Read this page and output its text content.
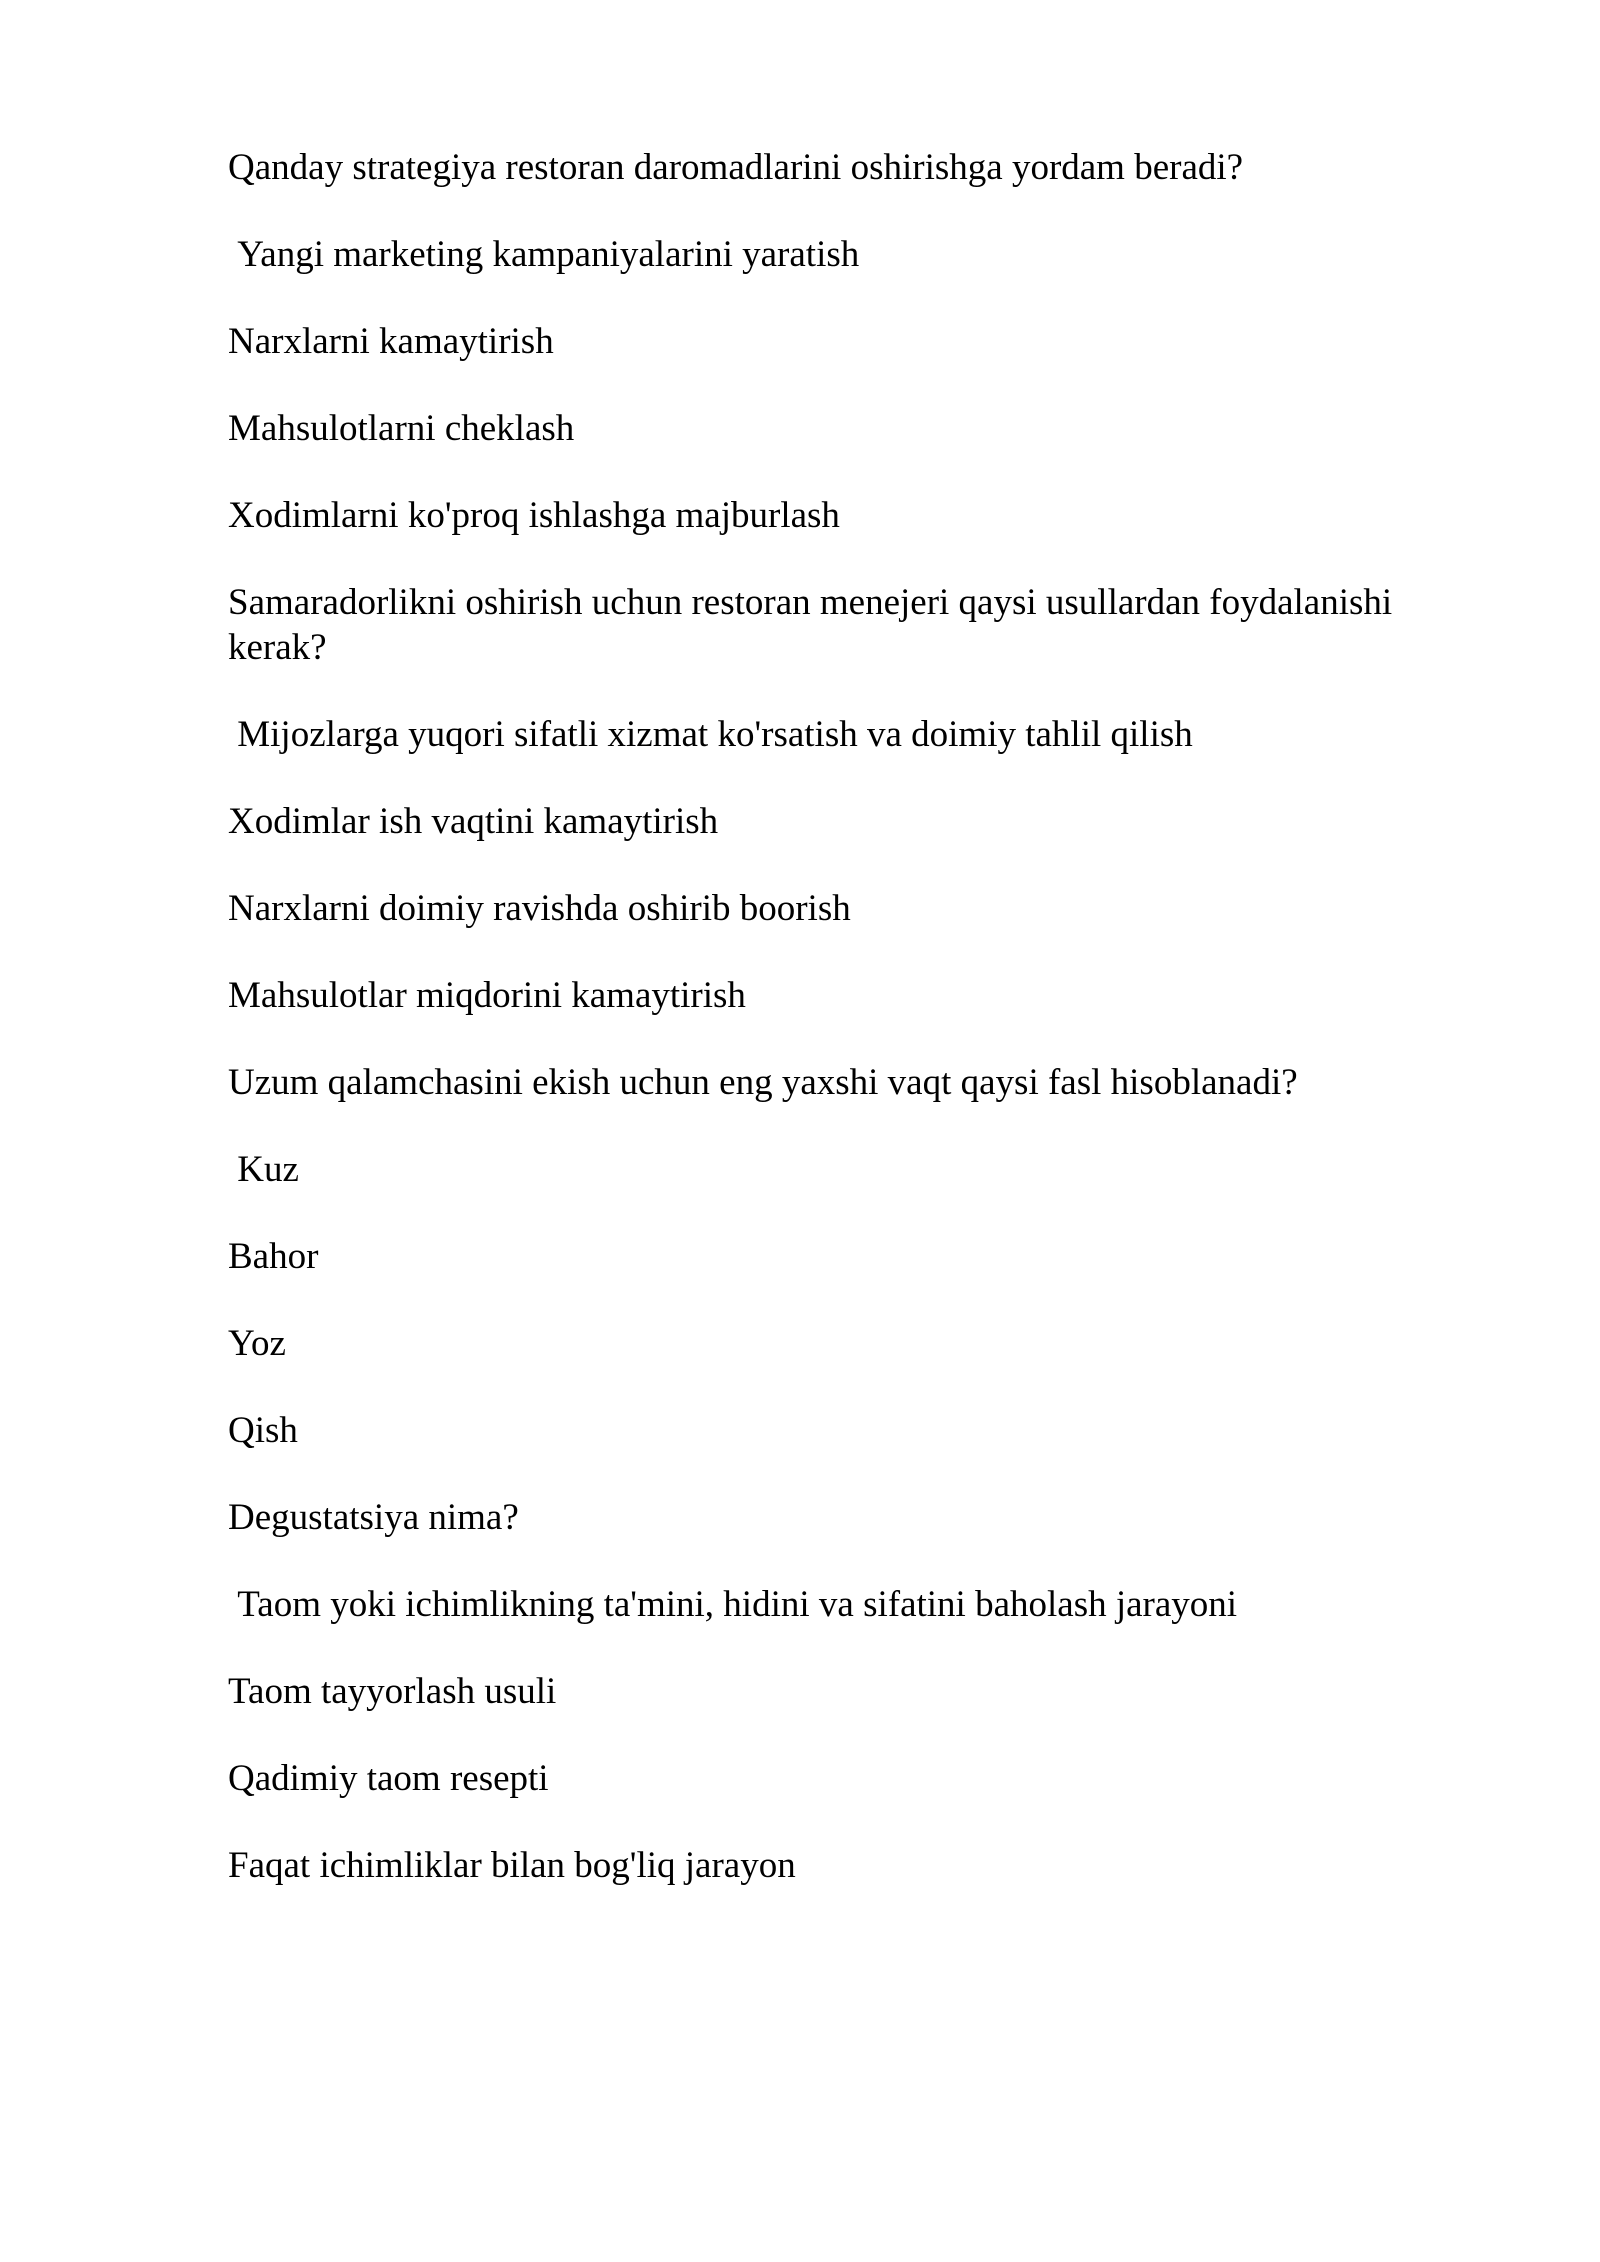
Qanday strategiya restoran daromadlarini oshirishga yordam beradi?

Yangi marketing kampaniyalarini yaratish

Narxlarni kamaytirish

Mahsulotlarni cheklash

Xodimlarni ko'proq ishlashga majburlash

Samaradorlikni oshirish uchun restoran menejeri qaysi usullardan foydalanishi kerak?

Mijozlarga yuqori sifatli xizmat ko'rsatish va doimiy tahlil qilish

Xodimlar ish vaqtini kamaytirish

Narxlarni doimiy ravishda oshirib boorish

Mahsulotlar miqdorini kamaytirish

Uzum qalamchasini ekish uchun eng yaxshi vaqt qaysi fasl hisoblanadi?

Kuz

Bahor

Yoz

Qish

Degustatsiya nima?

Taom yoki ichimlikning ta'mini, hidini va sifatini baholash jarayoni

Taom tayyorlash usuli

Qadimiy taom resepti

Faqat ichimliklar bilan bog'liq jarayon
